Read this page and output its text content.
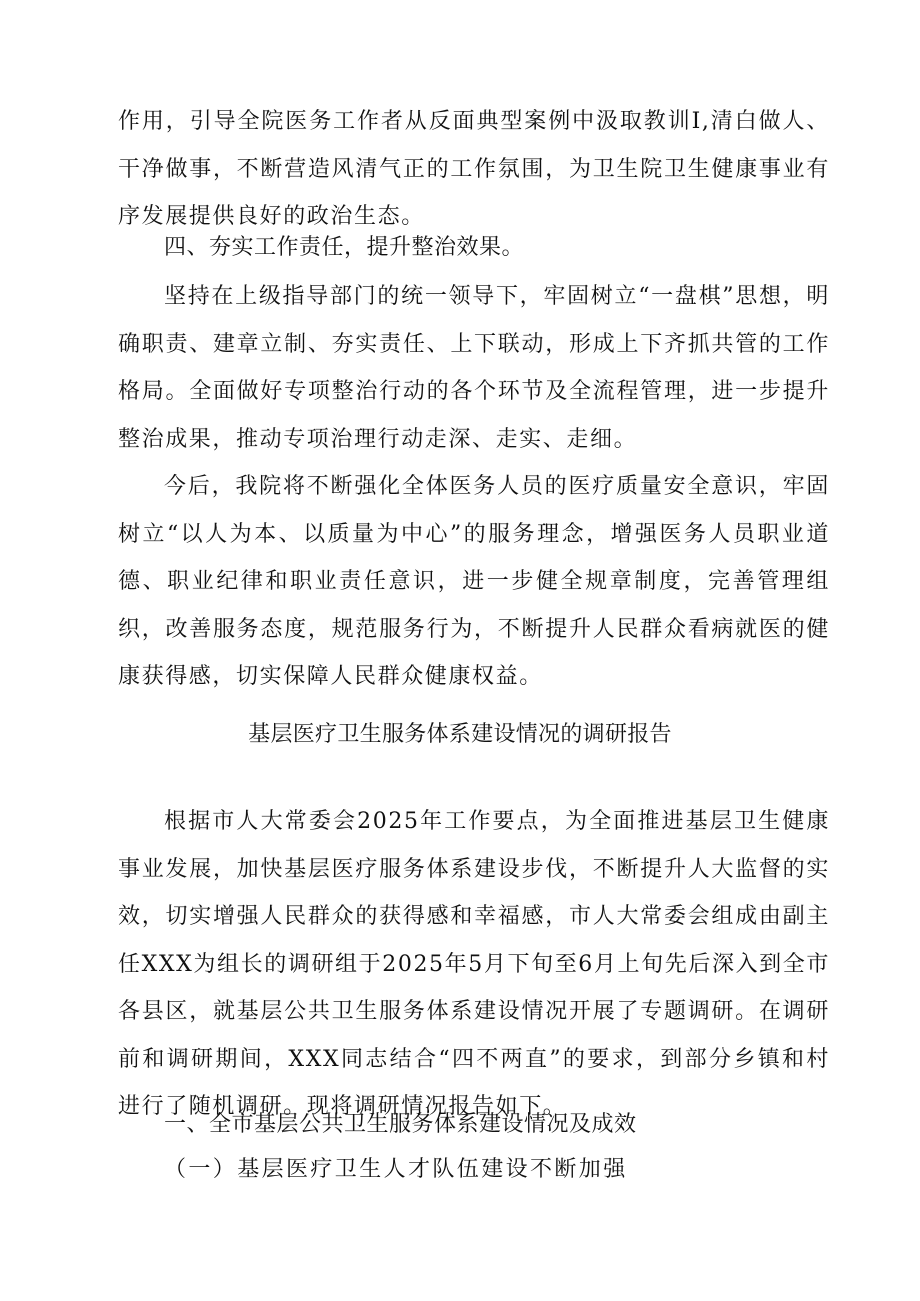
作用，引导全院医务工作者从反面典型案例中汲取教训I,清白做人、干净做事，不断营造风清气正的工作氛围，为卫生院卫生健康事业有序发展提供良好的政治生态。

四、夯实工作责任，提升整治效果。

坚持在上级指导部门的统一领导下，牢固树立“一盘棋”思想，明确职责、建章立制、夯实责任、上下联动，形成上下齐抓共管的工作格局。全面做好专项整治行动的各个环节及全流程管理，进一步提升整治成果，推动专项治理行动走深、走实、走细。

今后，我院将不断强化全体医务人员的医疗质量安全意识，牢固树立“以人为本、以质量为中心”的服务理念，增强医务人员职业道德、职业纪律和职业责任意识，进一步健全规章制度，完善管理组织，改善服务态度，规范服务行为，不断提升人民群众看病就医的健康获得感，切实保障人民群众健康权益。

基层医疗卫生服务体系建设情况的调研报告

根据市人大常委会2025年工作要点，为全面推进基层卫生健康事业发展，加快基层医疗服务体系建设步伐，不断提升人大监督的实效，切实增强人民群众的获得感和幸福感，市人大常委会组成由副主任XXX为组长的调研组于2025年5月下旬至6月上旬先后深入到全市各县区，就基层公共卫生服务体系建设情况开展了专题调研。在调研前和调研期间，XXX同志结合“四不两直”的要求，到部分乡镇和村进行了随机调研。现将调研情况报告如下。

一、全市基层公共卫生服务体系建设情况及成效
（一）基层医疗卫生人才队伍建设不断加强
